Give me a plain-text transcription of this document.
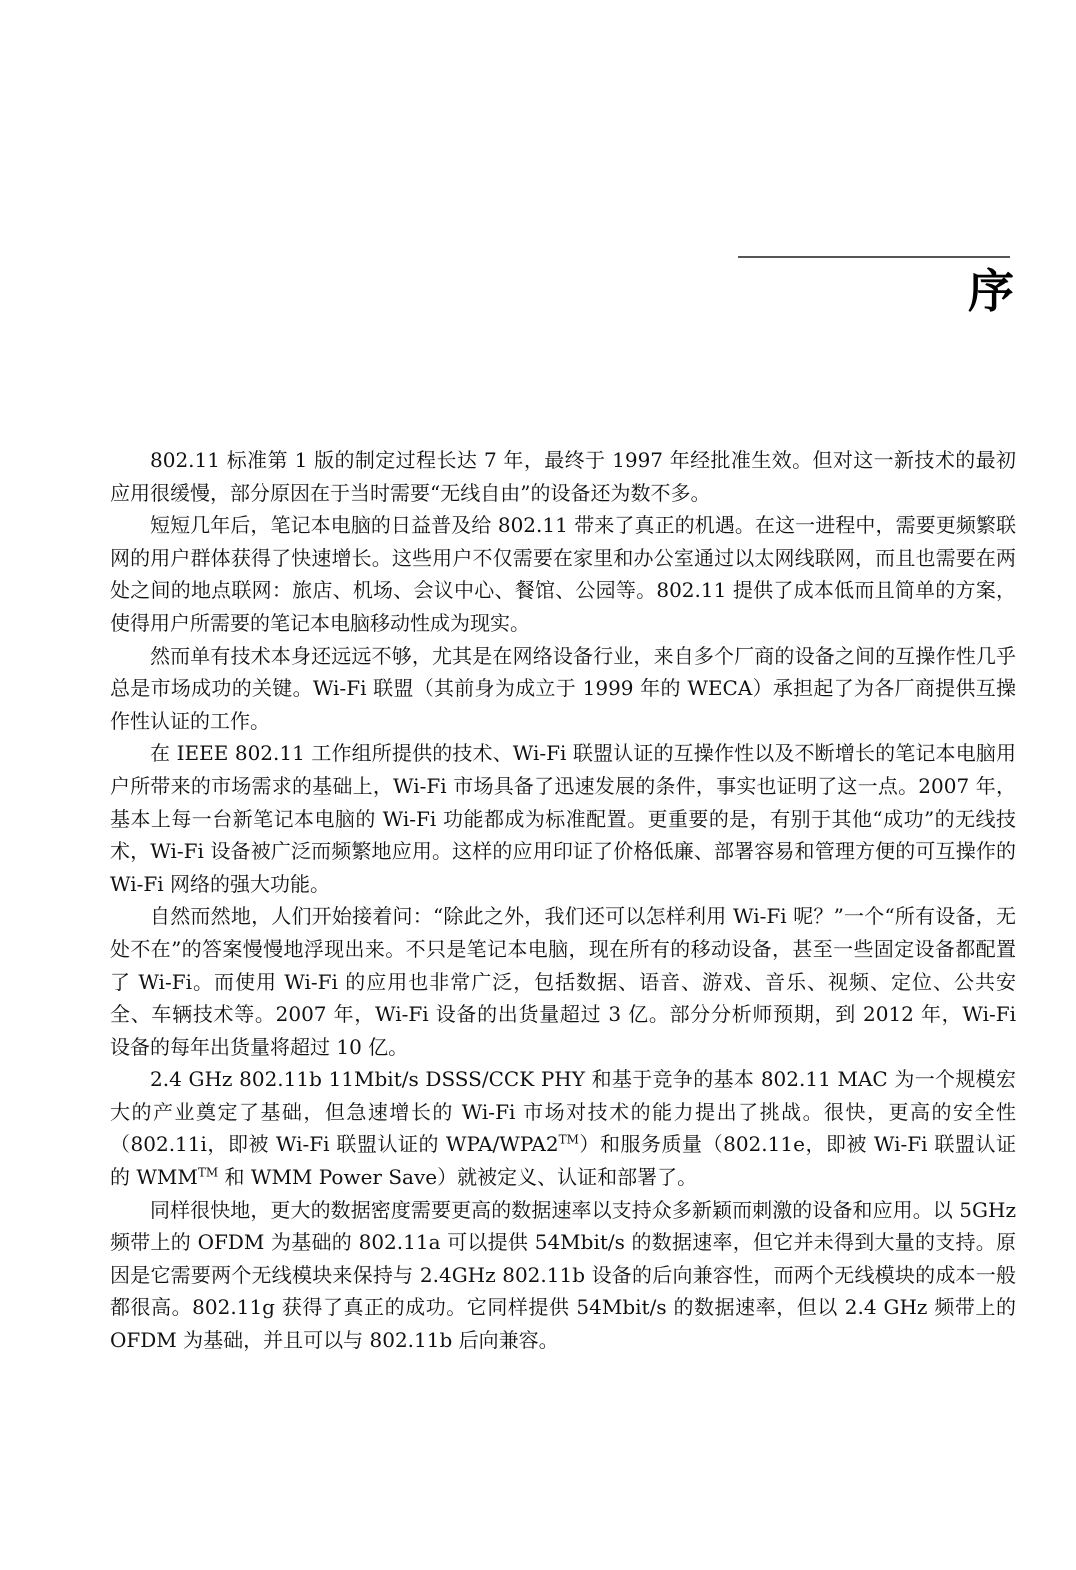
序

802.11 标准第 1 版的制定过程长达 7 年，最终于 1997 年经批准生效。但对这一新技术的最初应用很缓慢，部分原因在于当时需要“无线自由”的设备还为数不多。

短短几年后，笔记本电脑的日益普及给 802.11 带来了真正的机遇。在这一进程中，需要更频繁联网的用户群体获得了快速增长。这些用户不仅需要在家里和办公室通过以太网线联网，而且也需要在两处之间的地点联网：旅店、机场、会议中心、餐馆、公园等。802.11 提供了成本低而且简单的方案，使得用户所需要的笔记本电脑移动性成为现实。

然而单有技术本身还远远不够，尤其是在网络设备行业，来自多个厂商的设备之间的互操作性几乎总是市场成功的关键。Wi-Fi 联盟（其前身为成立于 1999 年的 WECA）承担起了为各厂商提供互操作性认证的工作。

在 IEEE 802.11 工作组所提供的技术、Wi-Fi 联盟认证的互操作性以及不断增长的笔记本电脑用户所带来的市场需求的基础上，Wi-Fi 市场具备了迅速发展的条件，事实也证明了这一点。2007 年，基本上每一台新笔记本电脑的 Wi-Fi 功能都成为标准配置。更重要的是，有别于其他“成功”的无线技术，Wi-Fi 设备被广泛而频繁地应用。这样的应用印证了价格低廉、部署容易和管理方便的可互操作的 Wi-Fi 网络的强大功能。

自然而然地，人们开始接着问：“除此之外，我们还可以怎样利用 Wi-Fi 呢？”一个“所有设备，无处不在”的答案慢慢地浮现出来。不只是笔记本电脑，现在所有的移动设备，甚至一些固定设备都配置了 Wi-Fi。而使用 Wi-Fi 的应用也非常广泛，包括数据、语音、游戏、音乐、视频、定位、公共安全、车辆技术等。2007 年，Wi-Fi 设备的出货量超过 3 亿。部分分析师预期，到 2012 年，Wi-Fi 设备的每年出货量将超过 10 亿。

2.4 GHz 802.11b 11Mbit/s DSSS/CCK PHY 和基于竞争的基本 802.11 MAC 为一个规模宏大的产业奠定了基础，但急速增长的 Wi-Fi 市场对技术的能力提出了挑战。很快，更高的安全性（802.11i，即被 Wi-Fi 联盟认证的 WPA/WPA2™）和服务质量（802.11e，即被 Wi-Fi 联盟认证的 WMM™ 和 WMM Power Save）就被定义、认证和部署了。

同样很快地，更大的数据密度需要更高的数据速率以支持众多新颖而刺激的设备和应用。以 5GHz 频带上的 OFDM 为基础的 802.11a 可以提供 54Mbit/s 的数据速率，但它并未得到大量的支持。原因是它需要两个无线模块来保持与 2.4GHz 802.11b 设备的后向兼容性，而两个无线模块的成本一般都很高。802.11g 获得了真正的成功。它同样提供 54Mbit/s 的数据速率，但以 2.4 GHz 频带上的 OFDM 为基础，并且可以与 802.11b 后向兼容。
